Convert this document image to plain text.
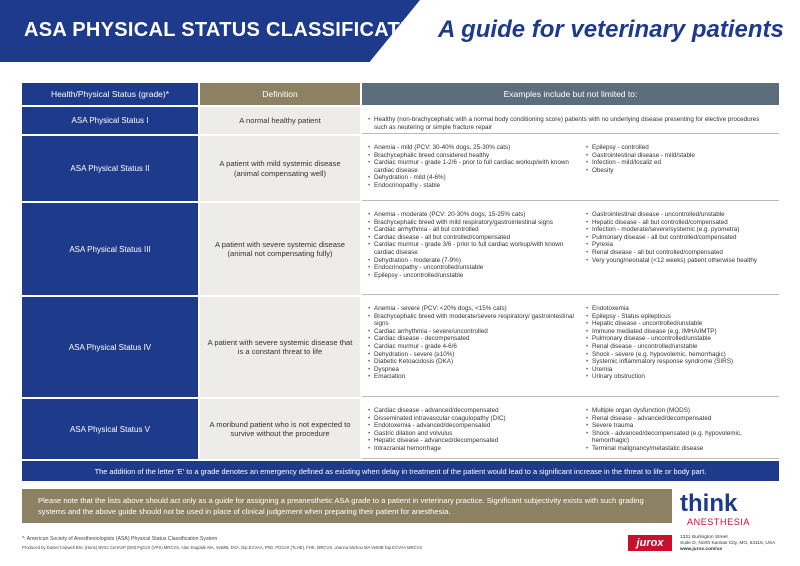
ASA PHYSICAL STATUS CLASSIFICATION A guide for veterinary patients
Health/Physical Status (grade)*	Definition	Examples include but not limited to:
ASA Physical Status I	A normal healthy patient
•	Healthy (non-brachycephalic with a normal body conditioning score) patients with no underlying disease presenting for elective procedures such as neutering or simple fracture repair
ASA Physical Status II
A patient with mild systemic disease (animal compensating well)
• Anemia - mild (PCV: 30-40% dogs, 25-30% cats)
• Brachycephalic breed considered healthy
• Cardiac murmur - grade 1-2/6 - prior to full cardiac workup/with known cardiac disease
• Dehydration - mild (4-6%)
• Endocrinopathy - stable
• Epilepsy - controlled
• Gastrointestinal disease - mild/stable
• Infection - mild/localiz ed
• Obesity
ASA Physical Status III
A patient with severe systemic disease (animal not compensating fully)
• Anemia - moderate (PCV: 20-30% dogs, 15-25% cats)
• Brachycephalic breed with mild respiratory/gastrointestinal signs
• Cardiac arrhythmia - all but controlled
• Cardiac disease - all but controlled/compensated
• Cardiac murmur - grade 3/6 - prior to full cardiac workup/with known cardiac disease
• Dehydration - moderate (7-9%)
• Endocrinopathy - uncontrolled/unstable
• Epilepsy - uncontrolled/unstable
• Gastrointestinal disease - uncontrolled/unstable
• Hepatic disease - all but controlled/compensated
• Infection - moderate/severe/systemic (e.g. pyometra)
• Pulmonary disease - all but controlled/compensated
• Pyrexia
• Renal disease - all but controlled/compensated
• Very young/neonatal (<12 weeks) patient otherwise healthy
ASA Physical Status IV
A patient with severe systemic disease that is a constant threat to life
• Anemia - severe (PCV: <20% dogs, <15% cats)
• Brachycephalic breed with moderate/severe respiratory/ gastrointestinal signs
• Cardiac arrhythmia - severe/uncontrolled
• Cardiac disease - decompensated
• Cardiac murmur - grade 4-6/6
• Dehydration - severe (≥10%)
• Diabetic Ketoacidosis (DKA)
• Dyspnea
• Emaciation
• Endotoxemia
• Epilepsy - Status epilepticus
• Hepatic disease - uncontrolled/unstable
• Immune mediated disease (e.g. IMHA/IMTP)
• Pulmonary disease - uncontrolled/unstable
• Renal disease - uncontrolled/unstable
• Shock - severe (e.g. hypovolemic, hemorrhagic)
• Systemic inflammatory response syndrome (SIRS)
• Uremia
• Urinary obstruction
ASA Physical Status V
A moribund patient who is not expected to survive without the procedure
• Cardiac disease - advanced/decompensated
• Disseminated intravascular coagulopathy (DIC)
• Endotoxemia - advanced/decompensated
• Gastric dilation and volvulus
• Hepatic disease - advanced/decompensated
• Intracranial hemorrhage
• Multiple organ dysfunction (MODS)
• Renal disease - advanced/decompensated
• Severe trauma
• Shock - advanced/decompensated (e.g. hypovolemic, hemorrhagic)
• Terminal malignancy/metastatic disease
The addition of the letter 'E' to a grade denotes an emergency defined as existing when delay in treatment of the patient would lead to a significant increase in the threat to life or body part.
Please note that the lists above should act only as a guide for assigning a preanesthetic ASA grade to a patient in veterinary practice. Significant subjectivity exists with such grading systems and the above guide should not be used in place of clinical judgement when preparing their patient for anesthesia.	think
ANESTHESIA
*: American Society of Anesthesiologists (ASA) Physical Status Classification System
Produced by Daniel Cripwell BSc (Hons) BVSc CertAVP (EM) PgCert (VPS) MRCVS, Alan Dugdale MA, VetMB, DVA, Dip.ECVAA, PhD, PGCert (TLHE), FHE, MRCVS, Joanna Michou MA VetMB Dip.ECVAA MRCVS	jurox	1321 Burlington Street
Suite D, North Kansas City, MO, 64116, USA
www.jurox.com/us
